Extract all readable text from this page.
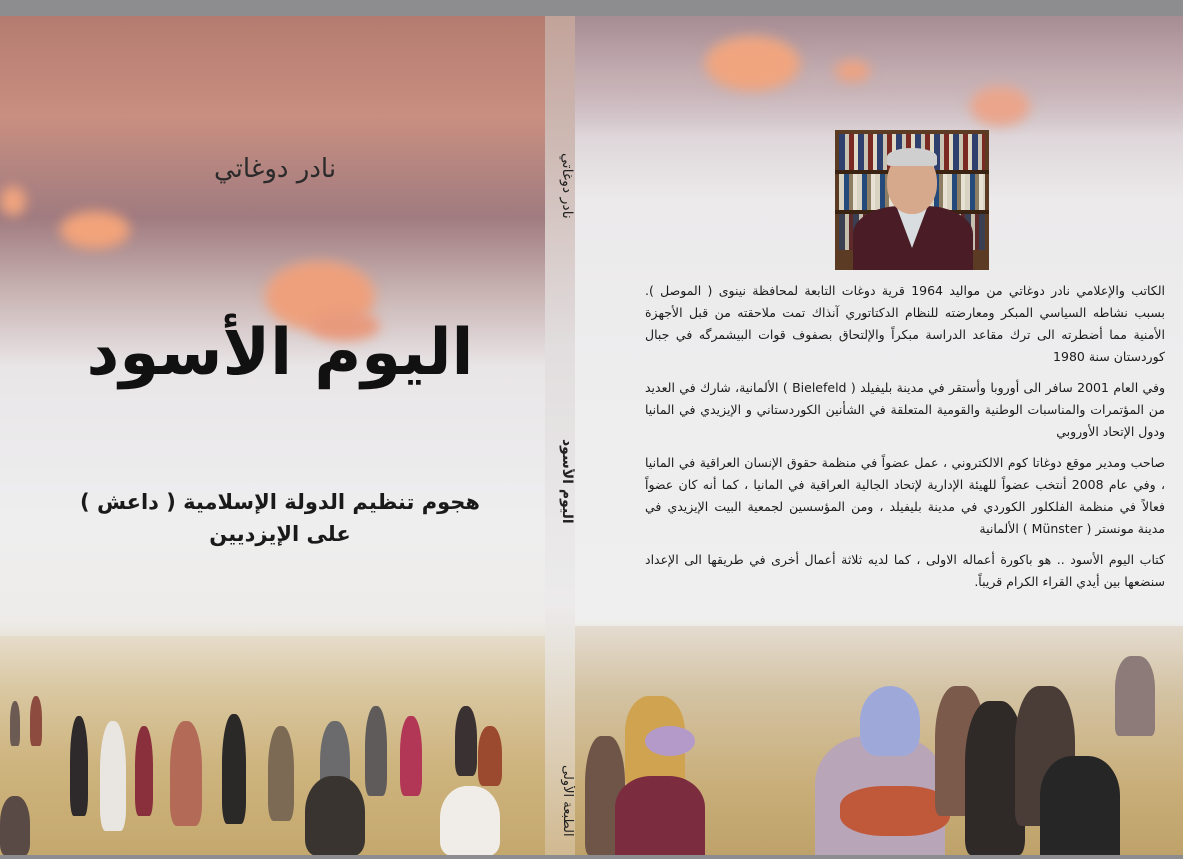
نادر دوغاتي
اليوم الأسود
هجوم تنظيم الدولة الإسلامية ( داعش )
على الإيزديين
نادر دوغاتي
اليوم الأسود
الطبعة الأولى

الكاتب والإعلامي نادر دوغاتي من مواليد 1964 قرية دوغات التابعة لمحافظة نينوى ( الموصل ). بسبب نشاطه السياسي المبكر ومعارضته للنظام الدكتاتوري آنذاك تمت ملاحقته من قبل الأجهزة الأمنية مما أضطرته الى ترك مقاعد الدراسة مبكراً والإلتحاق بصفوف قوات البيشمرگه في جبال كوردستان سنة 1980

وفي العام 2001 سافر الى أوروبا وأستقر في مدينة بليفيلد ( Bielefeld ) الألمانية، شارك في العديد من المؤتمرات والمناسبات الوطنية والقومية المتعلقة في الشأنين الكوردستاني و الإيزيدي في المانيا ودول الإتحاد الأوروبي

صاحب ومدير موقع دوغاتا كوم الالكتروني ، عمل عضواً في منظمة حقوق الإنسان العراقية في المانيا ، وفي عام 2008 أنتخب عضواً للهيئة الإدارية لإتحاد الجالية العراقية في المانيا ، كما أنه كان عضواً فعالاً في منظمة الفلكلور الكوردي في مدينة بليفيلد ، ومن المؤسسين لجمعية البيت الإيزيدي في مدينة مونستر ( Münster ) الألمانية

كتاب اليوم الأسود .. هو باكورة أعماله الاولى ، كما لديه ثلاثة أعمال أخرى في طريقها الى الإعداد سنضعها بين أيدي القراء الكرام قريباً.
